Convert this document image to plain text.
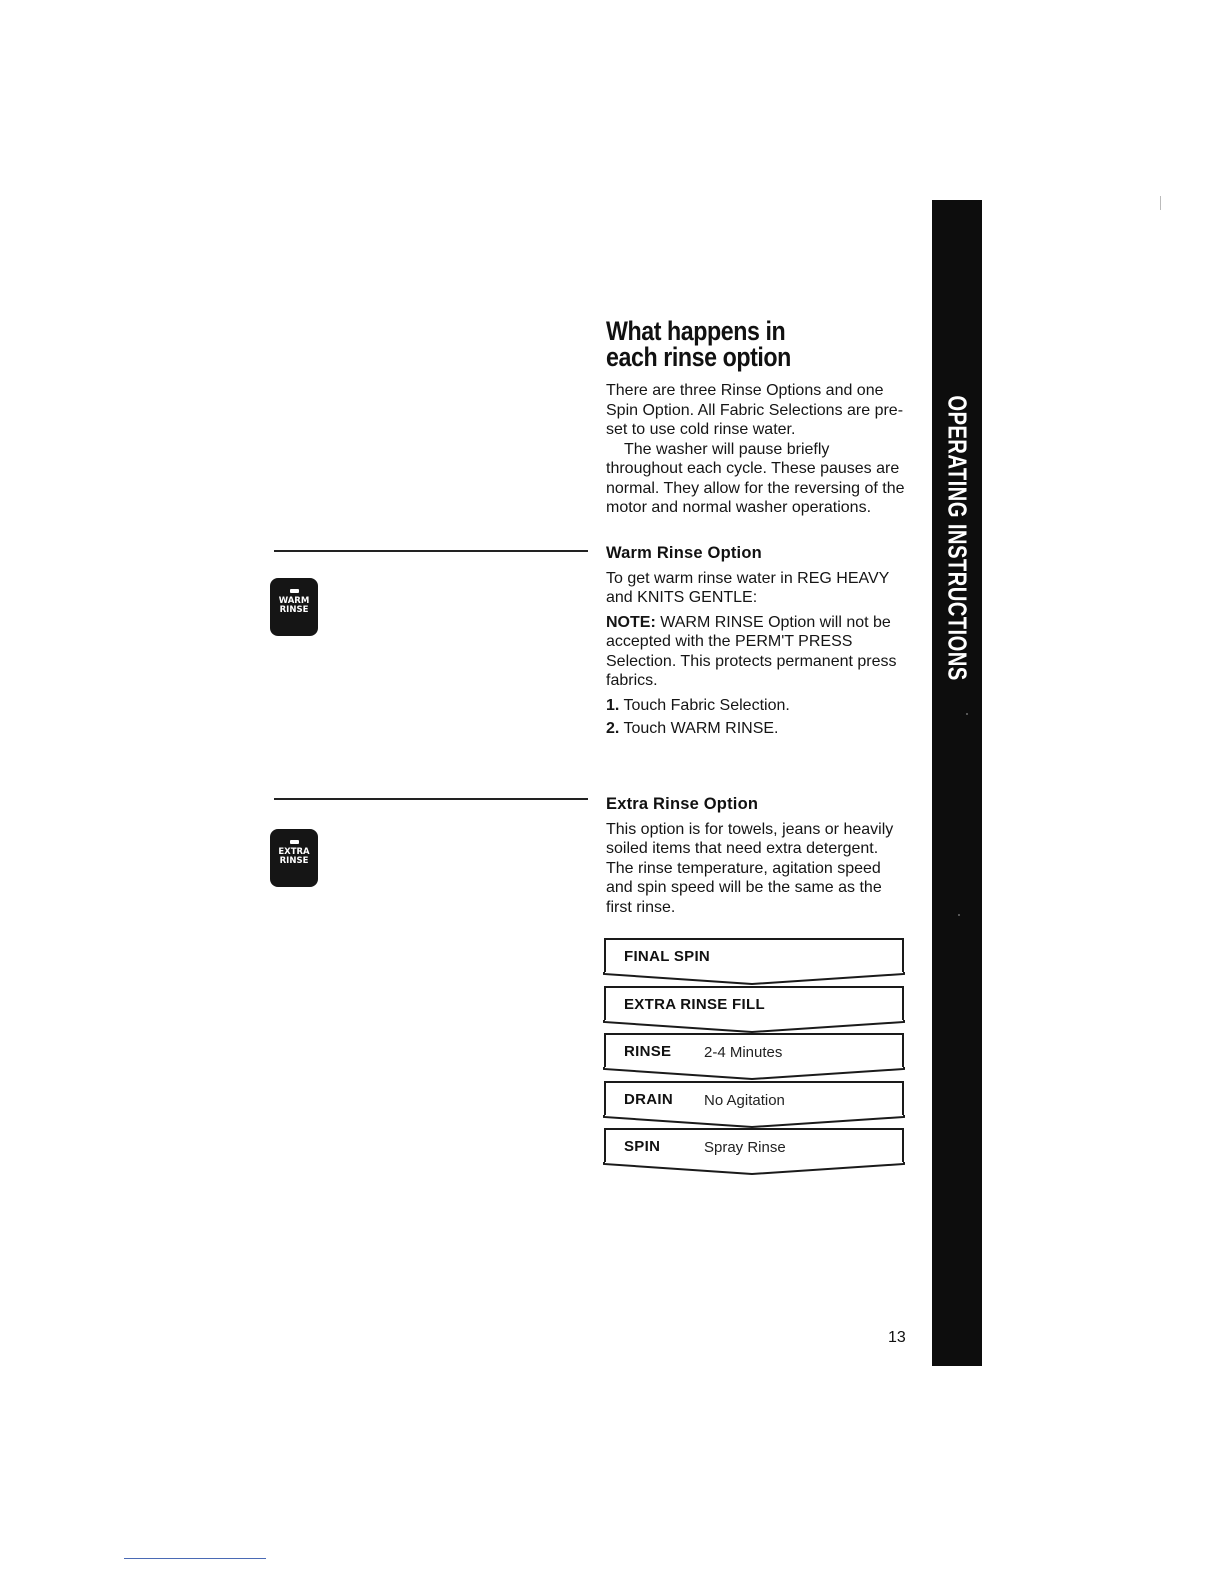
OPERATING INSTRUCTIONS
What happens in
each rinse option
There are three Rinse Options and one Spin Option. All Fabric Selections are pre-set to use cold rinse water.
The washer will pause briefly throughout each cycle. These pauses are normal. They allow for the reversing of the motor and normal washer operations.
WARM
RINSE
Warm Rinse Option
To get warm rinse water in REG HEAVY and KNITS GENTLE:
NOTE: WARM RINSE Option will not be accepted with the PERM'T PRESS Selection. This protects permanent press fabrics.
1. Touch Fabric Selection.
2. Touch WARM RINSE.
EXTRA
RINSE
Extra Rinse Option
This option is for towels, jeans or heavily soiled items that need extra detergent. The rinse temperature, agitation speed and spin speed will be the same as the first rinse.
FINAL SPIN
EXTRA RINSE FILL
RINSE 2-4 Minutes
DRAIN No Agitation
SPIN	Spray Rinse
13
